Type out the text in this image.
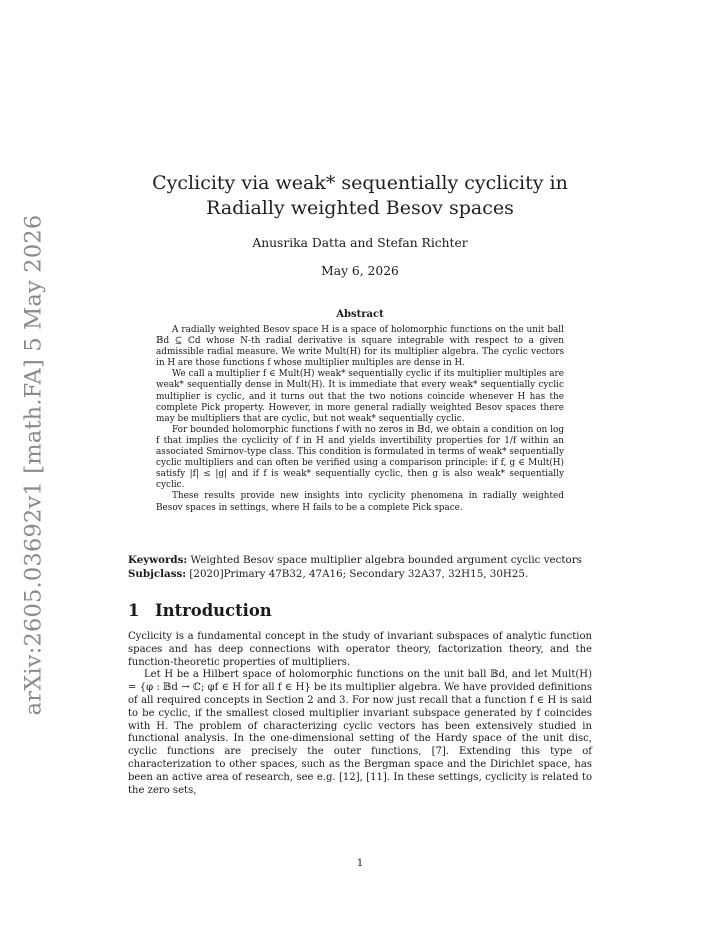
arXiv:2605.03692v1 [math.FA] 5 May 2026
Cyclicity via weak* sequentially cyclicity in Radially weighted Besov spaces
Anusrika Datta and Stefan Richter
May 6, 2026
Abstract

A radially weighted Besov space H is a space of holomorphic functions on the unit ball 𝔹d ⊆ ℂd whose N-th radial derivative is square integrable with respect to a given admissible radial measure. We write Mult(H) for its multiplier algebra. The cyclic vectors in H are those functions f whose multiplier multiples are dense in H.

We call a multiplier f ∈ Mult(H) weak* sequentially cyclic if its multiplier multiples are weak* sequentially dense in Mult(H). It is immediate that every weak* sequentially cyclic multiplier is cyclic, and it turns out that the two notions coincide whenever H has the complete Pick property. However, in more general radially weighted Besov spaces there may be multipliers that are cyclic, but not weak* sequentially cyclic.

For bounded holomorphic functions f with no zeros in 𝔹d, we obtain a condition on log f that implies the cyclicity of f in H and yields invertibility properties for 1/f within an associated Smirnov-type class. This condition is formulated in terms of weak* sequentially cyclic multipliers and can often be verified using a comparison principle: if f, g ∈ Mult(H) satisfy |f| ≤ |g| and if f is weak* sequentially cyclic, then g is also weak* sequentially cyclic.

These results provide new insights into cyclicity phenomena in radially weighted Besov spaces in settings, where H fails to be a complete Pick space.

Keywords: Weighted Besov space multiplier algebra bounded argument cyclic vectors
Subjclass: [2020]Primary 47B32, 47A16; Secondary 32A37, 32H15, 30H25.
1 Introduction

Cyclicity is a fundamental concept in the study of invariant subspaces of analytic function spaces and has deep connections with operator theory, factorization theory, and the function-theoretic properties of multipliers.

Let H be a Hilbert space of holomorphic functions on the unit ball 𝔹d, and let Mult(H) = {φ : 𝔹d → ℂ; φf ∈ H for all f ∈ H} be its multiplier algebra. We have provided definitions of all required concepts in Section 2 and 3. For now just recall that a function f ∈ H is said to be cyclic, if the smallest closed multiplier invariant subspace generated by f coincides with H. The problem of characterizing cyclic vectors has been extensively studied in functional analysis. In the one-dimensional setting of the Hardy space of the unit disc, cyclic functions are precisely the outer functions, [7]. Extending this type of characterization to other spaces, such as the Bergman space and the Dirichlet space, has been an active area of research, see e.g. [12], [11]. In these settings, cyclicity is related to the zero sets,

1
